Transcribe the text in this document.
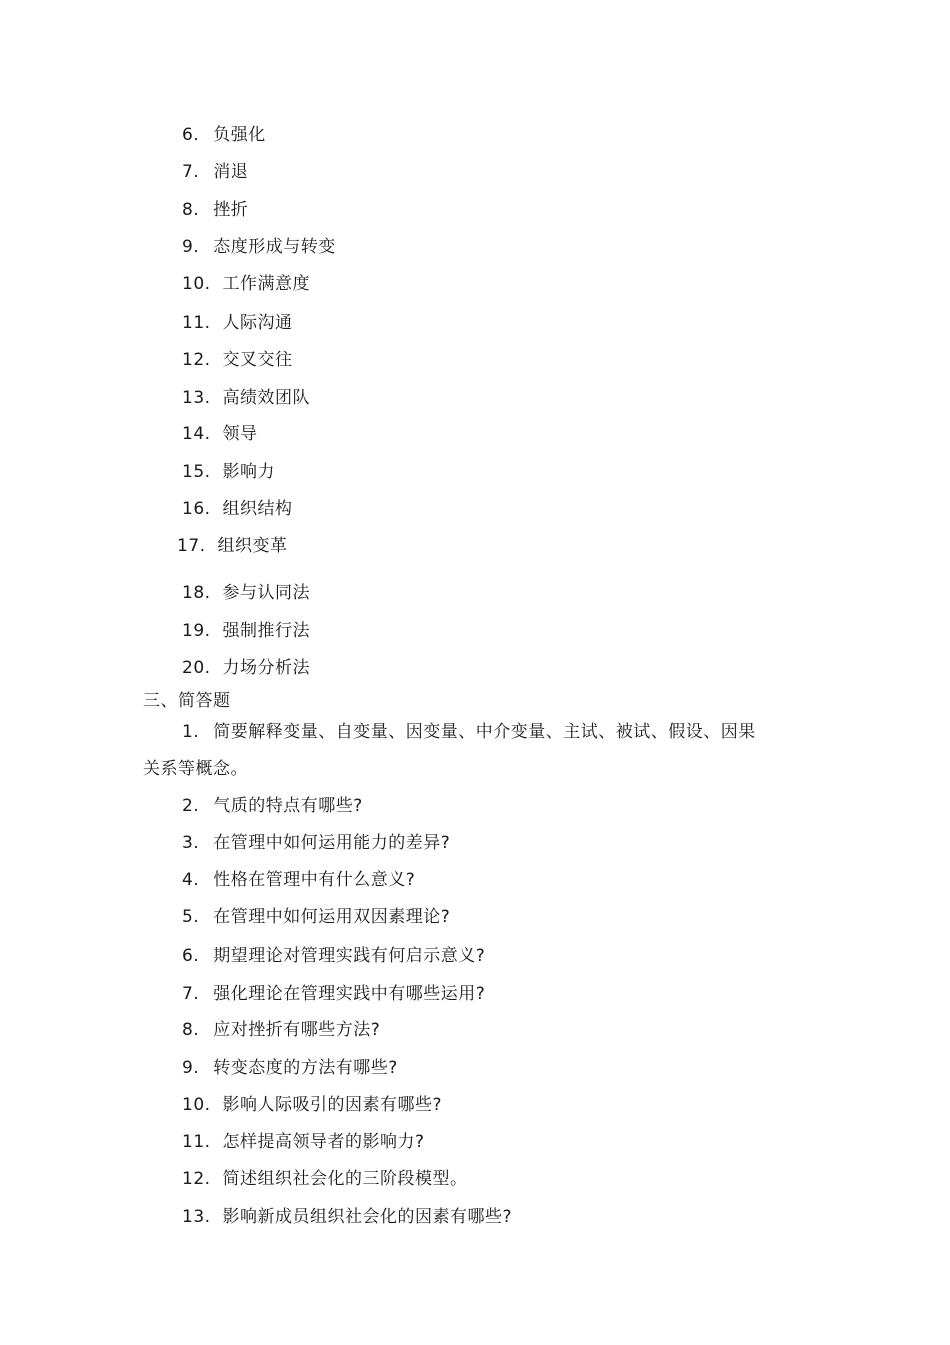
6. 负强化
7. 消退
8. 挫折
9. 态度形成与转变
10. 工作满意度
11. 人际沟通
12. 交叉交往
13. 高绩效团队
14. 领导
15. 影响力
16. 组织结构
17. 组织变革
18. 参与认同法
19. 强制推行法
20. 力场分析法
三、简答题
1. 简要解释变量、自变量、因变量、中介变量、主试、被试、假设、因果
关系等概念。
2. 气质的特点有哪些?
3. 在管理中如何运用能力的差异?
4. 性格在管理中有什么意义?
5. 在管理中如何运用双因素理论?
6. 期望理论对管理实践有何启示意义?
7. 强化理论在管理实践中有哪些运用?
8. 应对挫折有哪些方法?
9. 转变态度的方法有哪些?
10. 影响人际吸引的因素有哪些?
11. 怎样提高领导者的影响力?
12. 简述组织社会化的三阶段模型。
13. 影响新成员组织社会化的因素有哪些?
